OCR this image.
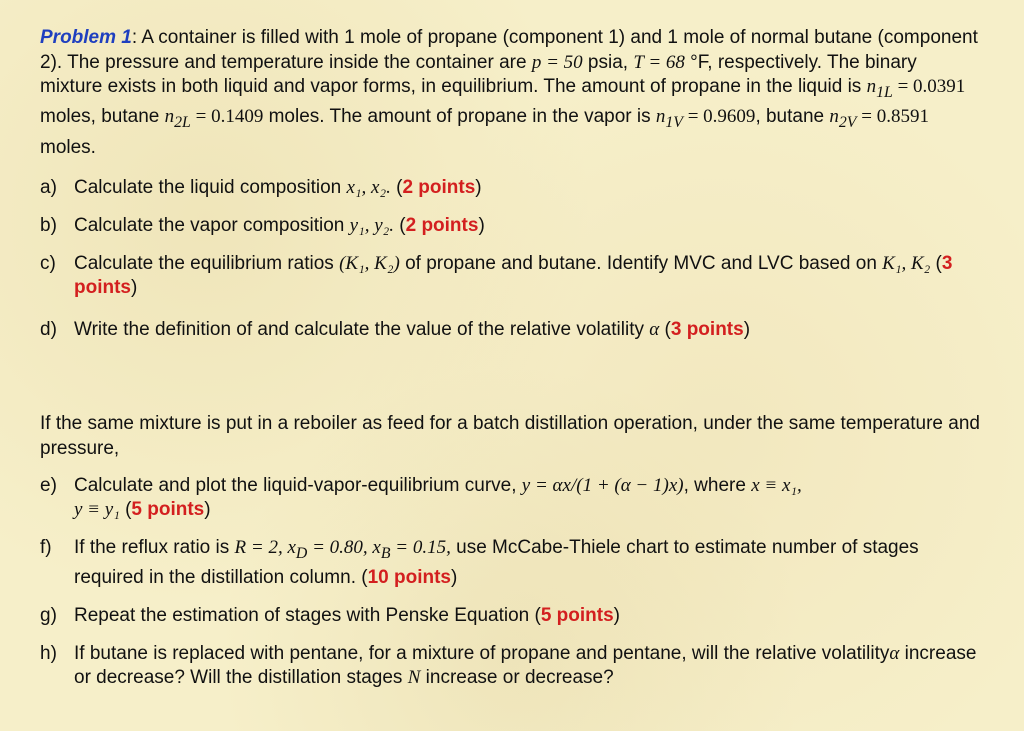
Problem 1: A container is filled with 1 mole of propane (component 1) and 1 mole of normal butane (component 2). The pressure and temperature inside the container are p = 50 psia, T = 68 °F, respectively. The binary mixture exists in both liquid and vapor forms, in equilibrium. The amount of propane in the liquid is $n_{1L} = 0.0391$ moles, butane $n_{2L} = 0.1409$ moles. The amount of propane in the vapor is $n_{1V} = 0.9609$, butane $n_{2V} = 0.8591$ moles.

a) Calculate the liquid composition x₁, x₂. (2 points)
b) Calculate the vapor composition y₁, y₂. (2 points)
c) Calculate the equilibrium ratios (K₁, K₂) of propane and butane. Identify MVC and LVC based on K₁, K₂ (3 points)
d) Write the definition of and calculate the value of the relative volatility α (3 points)

If the same mixture is put in a reboiler as feed for a batch distillation operation, under the same temperature and pressure,

e) Calculate and plot the liquid-vapor-equilibrium curve, y = αx/(1 + (α − 1)x), where x ≡ x₁,
y ≡ y₁ (5 points)
f)	If the reflux ratio is R = 2, $x_D = 0.80$, $x_B = 0.15$, use McCabe-Thiele chart to estimate number of stages required in the distillation column. (10 points)
g) Repeat the estimation of stages with Penske Equation (5 points)
h) If butane is replaced with pentane, for a mixture of propane and pentane, will the relative volatilityα increase or decrease? Will the distillation stages N increase or decrease?
